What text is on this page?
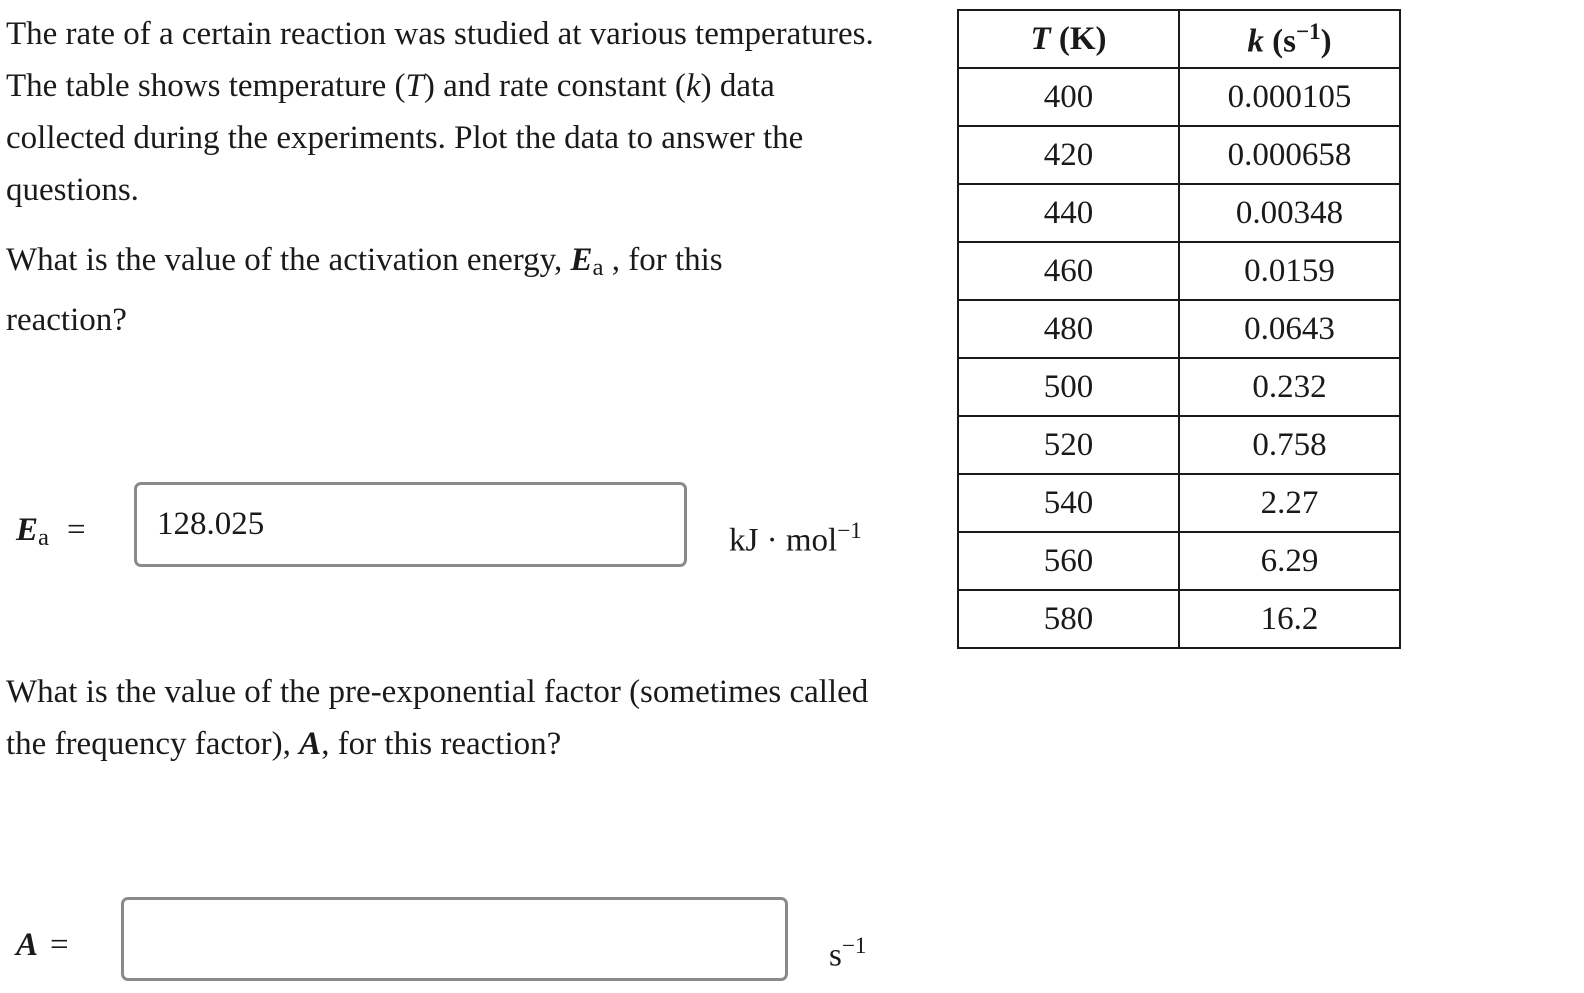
The rate of a certain reaction was studied at various temperatures. The table shows temperature (T) and rate constant (k) data collected during the experiments. Plot the data to answer the questions.

What is the value of the activation energy, $E_a$ , for this reaction?

$E_a$ =
128.025	kJ · mol$^{-1}$

What is the value of the pre-exponential factor (sometimes called the frequency factor), A, for this reaction?

A =	$s^{-1}$
T (K)	k $(s^{-1})$
400	0.000105
420	0.000658
440	0.00348
460	0.0159
480	0.0643
500	0.232
520	0.758
540	2.27
560	6.29
580	16.2
